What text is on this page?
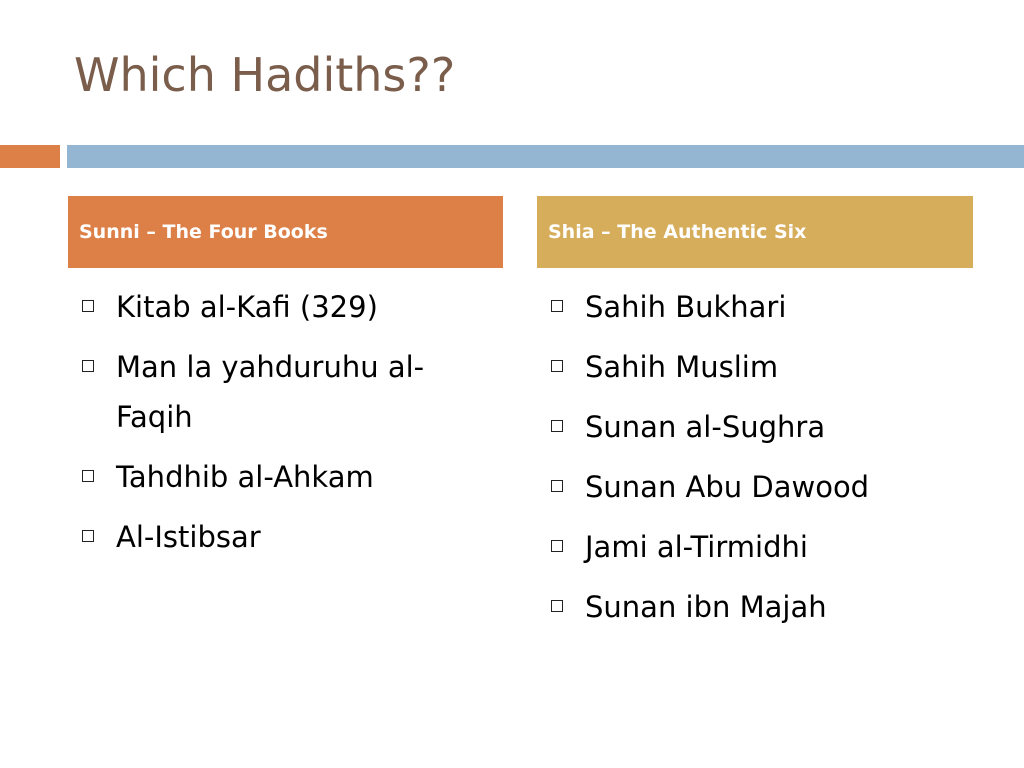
Which Hadiths??
Sunni – The Four Books	Shia – The Authentic Six
Kitab al-Kafi (329)
Man la yahduruhu al-Faqih
Tahdhib al-Ahkam
Al-Istibsar
Sahih Bukhari
Sahih Muslim
Sunan al-Sughra
Sunan Abu Dawood
Jami al-Tirmidhi
Sunan ibn Majah
